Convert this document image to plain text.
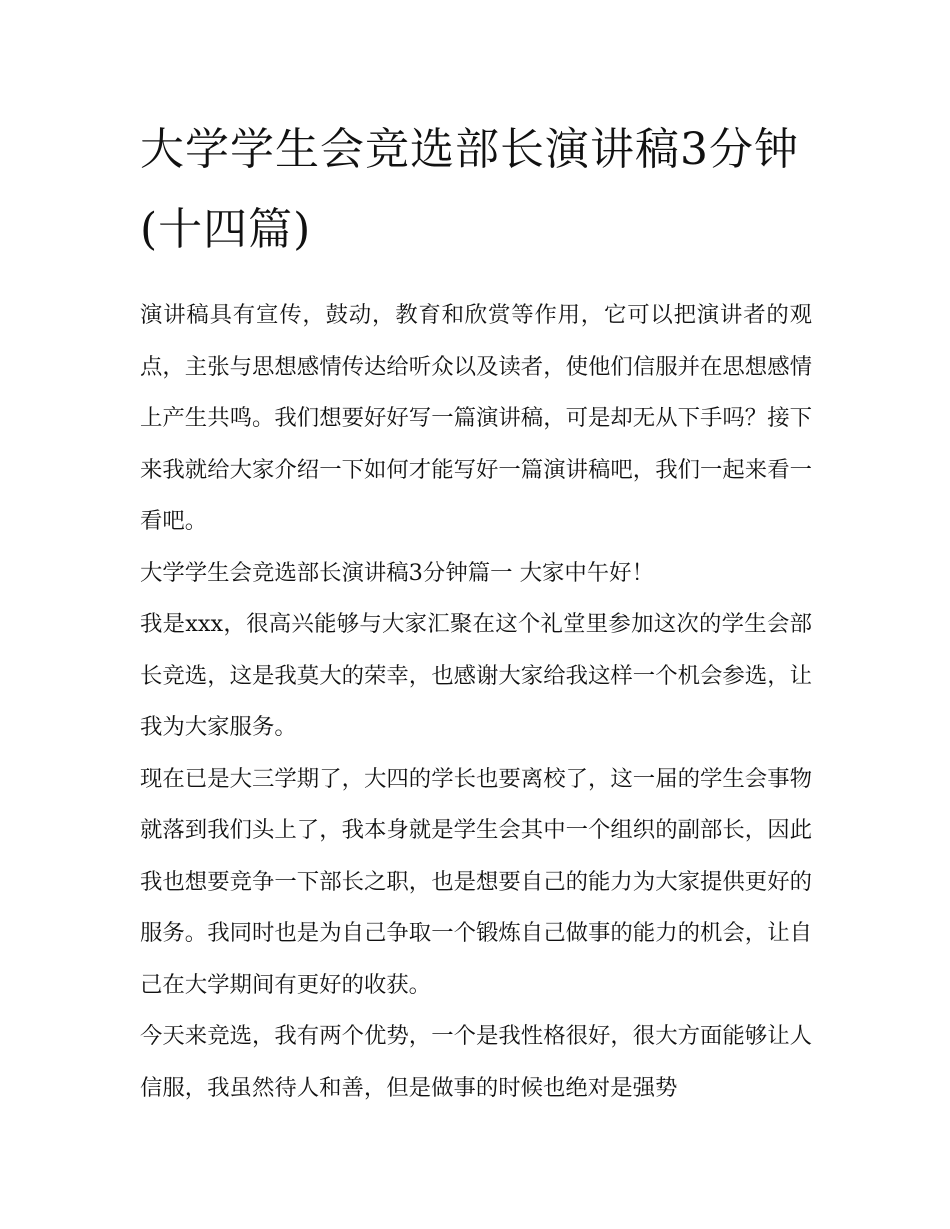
大学学生会竞选部长演讲稿3分钟(十四篇)

演讲稿具有宣传，鼓动，教育和欣赏等作用，它可以把演讲者的观点，主张与思想感情传达给听众以及读者，使他们信服并在思想感情上产生共鸣。我们想要好好写一篇演讲稿，可是却无从下手吗？接下来我就给大家介绍一下如何才能写好一篇演讲稿吧，我们一起来看一看吧。

大学学生会竞选部长演讲稿3分钟篇一 大家中午好！

我是xxx，很高兴能够与大家汇聚在这个礼堂里参加这次的学生会部长竞选，这是我莫大的荣幸，也感谢大家给我这样一个机会参选，让我为大家服务。

现在已是大三学期了，大四的学长也要离校了，这一届的学生会事物就落到我们头上了，我本身就是学生会其中一个组织的副部长，因此我也想要竞争一下部长之职，也是想要自己的能力为大家提供更好的服务。我同时也是为自己争取一个锻炼自己做事的能力的机会，让自己在大学期间有更好的收获。

今天来竞选，我有两个优势，一个是我性格很好，很大方面能够让人信服，我虽然待人和善，但是做事的时候也绝对是强势
